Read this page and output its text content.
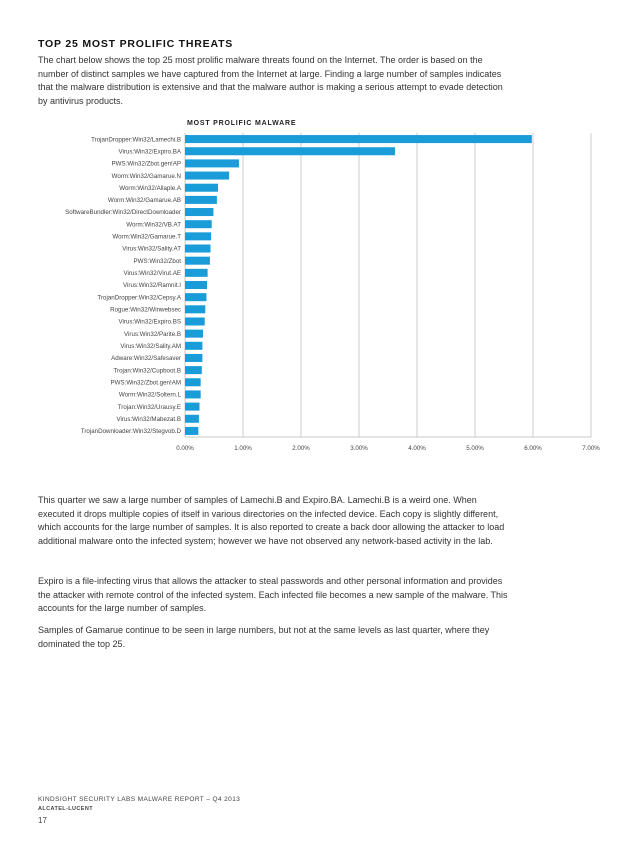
TOP 25 MOST PROLIFIC THREATS
The chart below shows the top 25 most prolific malware threats found on the Internet. The order is based on the number of distinct samples we have captured from the Internet at large. Finding a large number of samples indicates that the malware distribution is extensive and that the malware author is making a serious attempt to evade detection by antivirus products.
MOST PROLIFIC MALWARE
0.00%	1.00%	2.00%	3.00%	4.00%	5.00%	6.00%	7.00%
TrojanDropper:Win32/Lamechi.B
Virus:Win32/Expiro.BA
PWS:Win32/Zbot.gen!AP
Worm:Win32/Gamarue.N
Worm:Win32/Allaple.A
Worm:Win32/Gamarue.AB
SoftwareBundler:Win32/DirectDownloader
Worm:Win32/VB.AT
Worm:Win32/Gamarue.T
Virus:Win32/Sality.AT
PWS:Win32/Zbot
Virus:Win32/Virut.AE
Virus:Win32/Ramnit.I
TrojanDropper:Win32/Cepsy.A
Rogue:Win32/Winwebsec
Virus:Win32/Expiro.BS
Virus:Win32/Parite.B
Virus:Win32/Sality.AM
Adware:Win32/Safesaver
Trojan:Win32/Cupboot.B
PWS:Win32/Zbot.gen!AM
Worm:Win32/Soltern.L
Trojan:Win32/Urausy.E
Virus:Win32/Mabezat.B
TrojanDownloader:Win32/Stegvob.D
This quarter we saw a large number of samples of Lamechi.B and Expiro.BA. Lamechi.B is a weird one. When executed it drops multiple copies of itself in various directories on the infected device. Each copy is slightly different, which accounts for the large number of samples. It is also reported to create a back door allowing the attacker to load additional malware onto the infected system; however we have not observed any network-based activity in the lab.
Expiro is a file-infecting virus that allows the attacker to steal passwords and other personal information and provides the attacker with remote control of the infected system. Each infected file becomes a new sample of the malware. This accounts for the large number of samples.
Samples of Gamarue continue to be seen in large numbers, but not at the same levels as last quarter, where they dominated the top 25.
KINDSIGHT SECURITY LABS MALWARE REPORT – Q4 2013
ALCATEL-LUCENT
17
